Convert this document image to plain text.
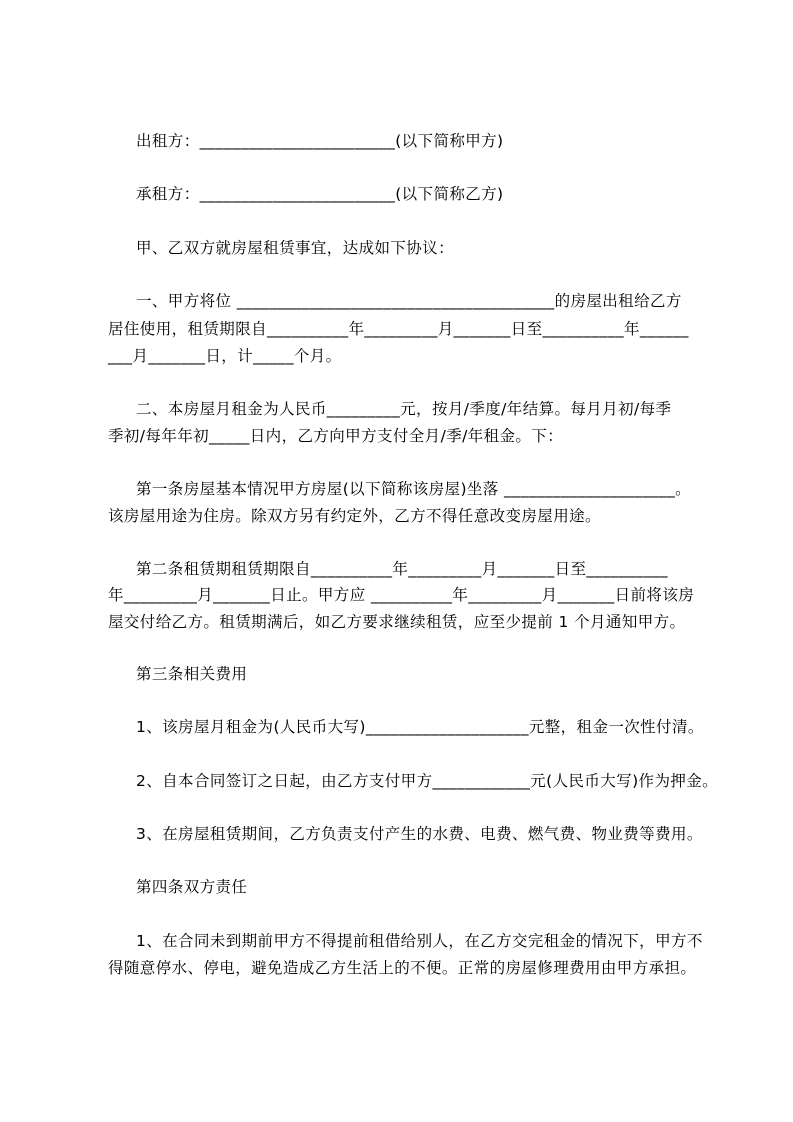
出租方：________________________(以下简称甲方)
承租方：________________________(以下简称乙方)
甲、乙双方就房屋租赁事宜，达成如下协议：
一、甲方将位 _______________________________________的房屋出租给乙方
居住使用，租赁期限自__________年_________月_______日至__________年______
___月_______日，计_____个月。
二、本房屋月租金为人民币_________元，按月/季度/年结算。每月月初/每季
季初/每年年初_____日内，乙方向甲方支付全月/季/年租金。下：
第一条房屋基本情况甲方房屋(以下简称该房屋)坐落 _____________________。
该房屋用途为住房。除双方另有约定外，乙方不得任意改变房屋用途。
第二条租赁期租赁期限自__________年_________月_______日至__________
年_________月_______日止。甲方应 __________年_________月_______日前将该房
屋交付给乙方。租赁期满后，如乙方要求继续租赁，应至少提前 1 个月通知甲方。
第三条相关费用
1、该房屋月租金为(人民币大写)____________________元整，租金一次性付清。
2、自本合同签订之日起，由乙方支付甲方____________元(人民币大写)作为押金。
3、在房屋租赁期间，乙方负责支付产生的水费、电费、燃气费、物业费等费用。
第四条双方责任
1、在合同未到期前甲方不得提前租借给别人，在乙方交完租金的情况下，甲方不
得随意停水、停电，避免造成乙方生活上的不便。正常的房屋修理费用由甲方承担。
